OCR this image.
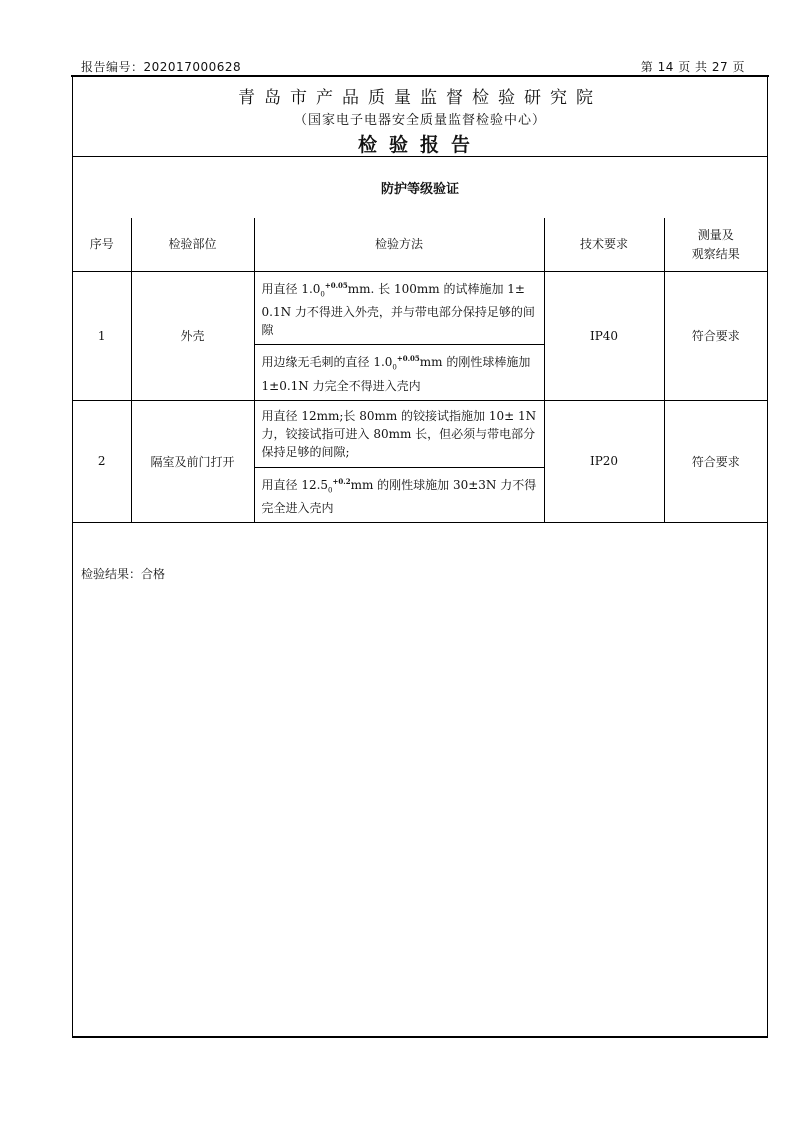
报告编号：202017000628	第 14 页 共 27 页
青岛市产品质量监督检验研究院
（国家电子电器安全质量监督检验中心）
检验报告
防护等级验证
序号	检验部位	检验方法	技术要求	测量及
观察结果
1	外壳	用直径 $1.0_0^{+0.05}mm$. 长 100mm 的试棒施加 1± 0.1N 力不得进入外壳，并与带电部分保持足够的间隙	IP40	符合要求
		用边缘无毛刺的直径 $1.0_0^{+0.05}mm$ 的刚性球棒施加 1±0.1N 力完全不得进入壳内		
2	隔室及前门打开	用直径 12mm;长 80mm 的铰接试指施加 10± 1N 力，铰接试指可进入 80mm 长，但必须与带电部分保持足够的间隙;	IP20	符合要求
		用直径 $12.5_0^{+0.2}mm$ 的刚性球施加 30±3N 力不得完全进入壳内		
检验结果：合格
